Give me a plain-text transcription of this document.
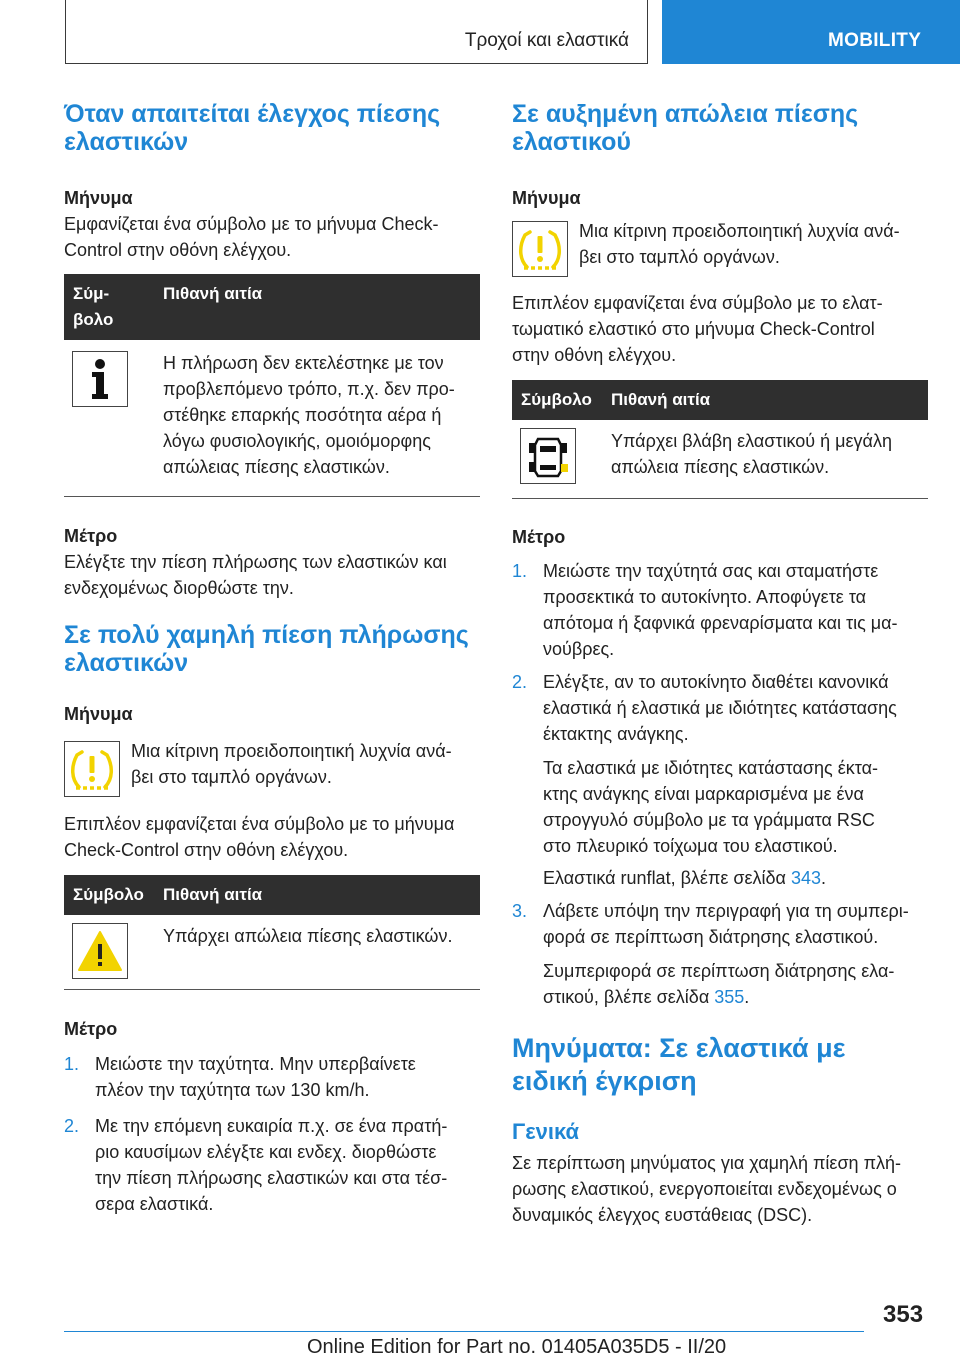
Τροχοί και ελαστικά	MOBILITY
Όταν απαιτείται έλεγχος πίεσης
ελαστικών
Μήνυμα
Εμφανίζεται ένα σύμβολο με το μήνυμα Check-
Control στην οθόνη ελέγχου.
Σύμ-
βολο
Πιθανή αιτία
Η πλήρωση δεν εκτελέστηκε με τον
προβλεπόμενο τρόπο, π.χ. δεν προ-
στέθηκε επαρκής ποσότητα αέρα ή
λόγω φυσιολογικής, ομοιόμορφης
απώλειας πίεσης ελαστικών.
Μέτρο
Ελέγξτε την πίεση πλήρωσης των ελαστικών και
ενδεχομένως διορθώστε την.
Σε πολύ χαμηλή πίεση πλήρωσης
ελαστικών
Μήνυμα
Μια κίτρινη προειδοποιητική λυχνία ανά-
βει στο ταμπλό οργάνων.
Επιπλέον εμφανίζεται ένα σύμβολο με το μήνυμα
Check-Control στην οθόνη ελέγχου.
Σύμβολο	Πιθανή αιτία
Υπάρχει απώλεια πίεσης ελαστικών.
Μέτρο
1. Μειώστε την ταχύτητα. Μην υπερβαίνετε
πλέον την ταχύτητα των 130 km/h.
2. Με την επόμενη ευκαιρία π.χ. σε ένα πρατή-
ριο καυσίμων ελέγξτε και ενδεχ. διορθώστε
την πίεση πλήρωσης ελαστικών και στα τέσ-
σερα ελαστικά.
Σε αυξημένη απώλεια πίεσης
ελαστικού
Μήνυμα
Μια κίτρινη προειδοποιητική λυχνία ανά-
βει στο ταμπλό οργάνων.
Επιπλέον εμφανίζεται ένα σύμβολο με το ελατ-
τωματικό ελαστικό στο μήνυμα Check-Control
στην οθόνη ελέγχου.
Σύμβολο	Πιθανή αιτία
Υπάρχει βλάβη ελαστικού ή μεγάλη
απώλεια πίεσης ελαστικών.
Μέτρο
1. Μειώστε την ταχύτητά σας και σταματήστε
προσεκτικά το αυτοκίνητο. Αποφύγετε τα
απότομα ή ξαφνικά φρεναρίσματα και τις μα-
νούβρες.
2. Ελέγξτε, αν το αυτοκίνητο διαθέτει κανονικά
ελαστικά ή ελαστικά με ιδιότητες κατάστασης
έκτακτης ανάγκης.
Τα ελαστικά με ιδιότητες κατάστασης έκτα-
κτης ανάγκης είναι μαρκαρισμένα με ένα
στρογγυλό σύμβολο με τα γράμματα RSC
στο πλευρικό τοίχωμα του ελαστικού.
Ελαστικά runflat, βλέπε σελίδα 343.
3. Λάβετε υπόψη την περιγραφή για τη συμπερι-
φορά σε περίπτωση διάτρησης ελαστικού.
Συμπεριφορά σε περίπτωση διάτρησης ελα-
στικού, βλέπε σελίδα 355.
Μηνύματα: Σε ελαστικά με
ειδική έγκριση
Γενικά
Σε περίπτωση μηνύματος για χαμηλή πίεση πλή-
ρωσης ελαστικού, ενεργοποιείται ενδεχομένως ο
δυναμικός έλεγχος ευστάθειας (DSC).
353
Online Edition for Part no. 01405A035D5 - II/20
